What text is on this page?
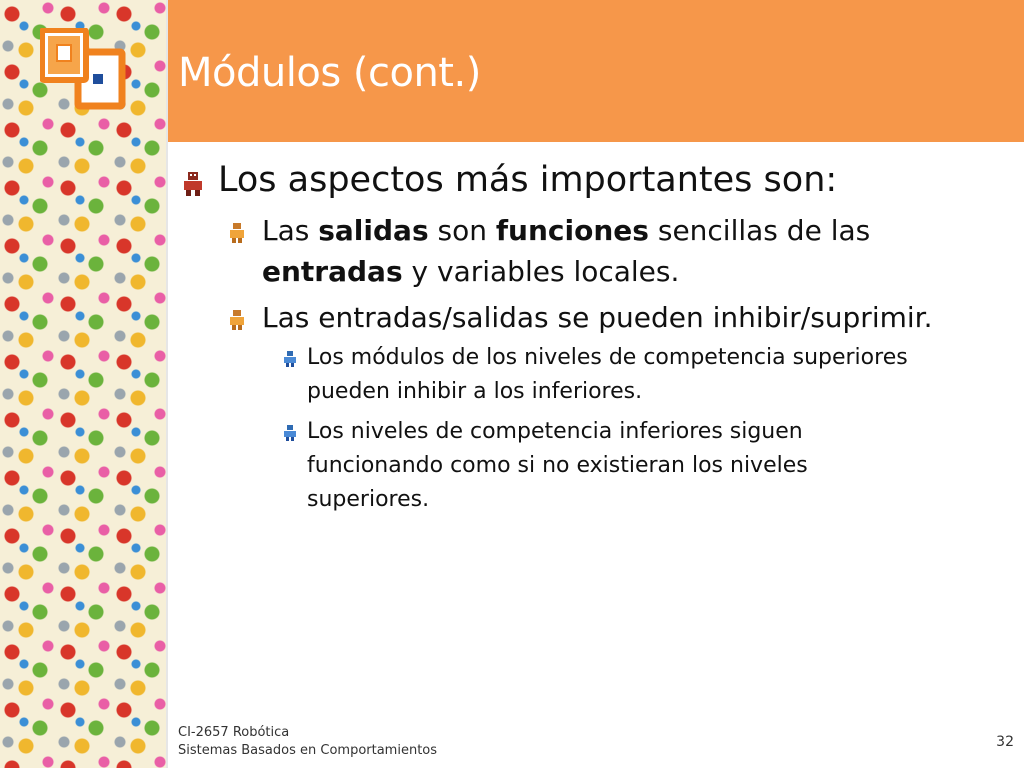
Módulos (cont.)
Los aspectos más importantes son:
Las salidas son funciones sencillas de las
entradas y variables locales.
Las entradas/salidas se pueden inhibir/suprimir.
Los módulos de los niveles de competencia superiores
pueden inhibir a los inferiores.
Los niveles de competencia inferiores siguen
funcionando como si no existieran los niveles
superiores.
CI-2657 Robótica
Sistemas Basados en Comportamientos
32
